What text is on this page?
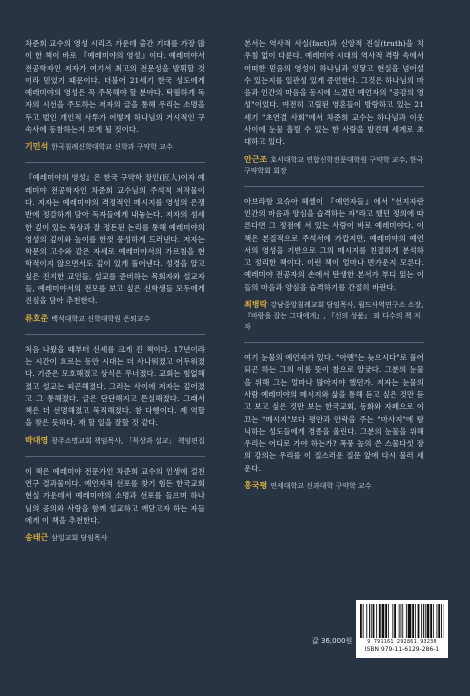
차준희 교수의 영성 시리즈 가운데 출간 기대를 가장 많이 한 책이 바로 『예레미야의 영성』이다. 예레미야서 전공학자인 저자가 여기서 최고의 전문성을 발휘할 것이라 믿었기 때문이다. 더불어 21세기 한국 성도에게 예레미야의 영성은 꼭 주목해야 할 분야다. 탁월하게 독자의 시선을 주도하는 저자의 글을 통해 우리는 소명을 두고 벌인 개인적 사투가 어떻게 하나님의 거시적인 구속사에 동참하는지 보게 될 것이다.

기민석 한국침례신학대학교 신학과 구약학 교수

『예레미야의 영성』은 한국 구약학 장인(匠人)이자 예레미야 전공학자인 차준희 교수님의 주석적 저작물이다. 저자는 예레미야의 격정적인 메시지를 영성의 은쟁반에 정갈하게 담아 독자들에게 내놓는다. 저자의 섬세한 깊이 있는 묵상과 잘 정돈된 논리를 통해 예레미야의 영성의 깊이와 높이를 한껏 풍성하게 드러낸다. 저자는 학문의 고수와 같은 자세로 예레미야서의 가르침을 현학적이지 않으면서도 깊이 있게 풀어낸다. 성경을 알고 싶은 진지한 교인들, 설교를 준비하는 목회자와 설교자들, 예레미야서의 전모를 보고 싶은 신학생들 모두에게 진심을 담아 추천한다.

류호준 백석대학교 신학대학원 은퇴교수

처음 나왔을 때부터 신세를 크게 진 책이다. 17년이라는 시간이 흐르는 동안 시대는 더 사나워졌고 어두워졌다. 기준은 모호해졌고 상식은 무너졌다. 교회는 힘없해졌고 설교는 피곤해졌다. 그러는 사이에 저자는 깊어졌고 그 통해졌다. 글은 단단해지고 튼실해졌다. 그래서 책은 더 선명해졌고 묵직해졌다. 참 다행이다. 제 역할을 찾은 듯하다. 재 할 일을 잘할 것 같다.

박대영 광주소명교회 책임목사, 「묵상과 설교」 책임편집

이 책은 예레미야 전문가인 차준희 교수의 인생에 걸친 연구 결과물이다. 예언자적 선포를 찾기 힘든 한국교회 현실 가운데서 예레미야의 소명과 선포를 들으며 하나님의 공의와 사랑을 함께 설교하고 깨닫고자 하는 자들에게 이 책을 추천한다.

송태근 삼일교회 담임목사

본서는 역사적 사실(fact)과 신앙적 진실(truth)을 치우침 없이 다룬다. 예레미야 시대의 역사적 격랑 속에서 어떠한 믿음의 영성이 하나님과 잇닿고 현실을 넘어설 수 있는지를 일관성 있게 증언한다. 그것은 하나님의 마음과 인간의 마음을 동시에 느꼈던 예언자의 "공감의 영성"이었다. 여전히 고립된 영혼들이 방랑하고 있는 21세기 "초연결 사회"에서 차준희 교수는 하나님과 이웃 사이에 눈물 흘릴 수 있는 한 사람을 발견해 세계로 초대하고 있다.

안근조 호서대학교 연합신학전문대학원 구약학 교수, 한국구약학회 회장

아브라함 요슈아 헤셸이 『예언자들』에서 "선지자란 인간의 마음과 양심을 습격하는 자"라고 했던 정의에 따른다면 그 정점에 서 있는 사람이 바로 예레미야다. 이 책은 본질적으로 주석서에 가깝지만, 예레미야의 예언서의 영성을 기반으로 그의 메시지를 친절하게 분석하고 정리한 책이다. 이런 책이 얼마나 반가운지 모른다. 예레미야 전공자의 손에서 탄생한 본서가 부디 읽는 이들의 마음과 양심을 습격하기를 간절히 바란다.

최병락 강남중앙침례교회 담임목사, 월드사역연구소 소장, 『바람을 잡는 그대에게』, 『신의 성품』 외 다수의 책 저자

여기 눈물의 예언자가 있다. "아멘"는 늦으시다"로 풀어되곤 하는 그의 이름 뜻이 참으로 알궂다. 그분의 눈물을 위해 그는 얼마나 많아지야 했던가. 저자는 눈물의 사람 예레미야의 메시지와 삶을 통해 듣고 싶은 것만 듣고 보고 싶은 것만 보는 한국교회, 동화와 자폐으로 이끄는 "메시지"보다 평안과 안락을 주는 "마사지"에 탐닉하는 성도들에게 경종을 울린다. 그분의 눈물을 위해 우리는 어디로 가야 하는가? 폭풍 높의 쓴 스물다섯 장의 강의는 우리를 이 질스러운 질문 앞에 다시 불러 세운다.

홍국평 연세대학교 신과대학 구약학 교수
값 36,000원	9 791161 292861 93230
ISBN 979-11-6129-286-1
